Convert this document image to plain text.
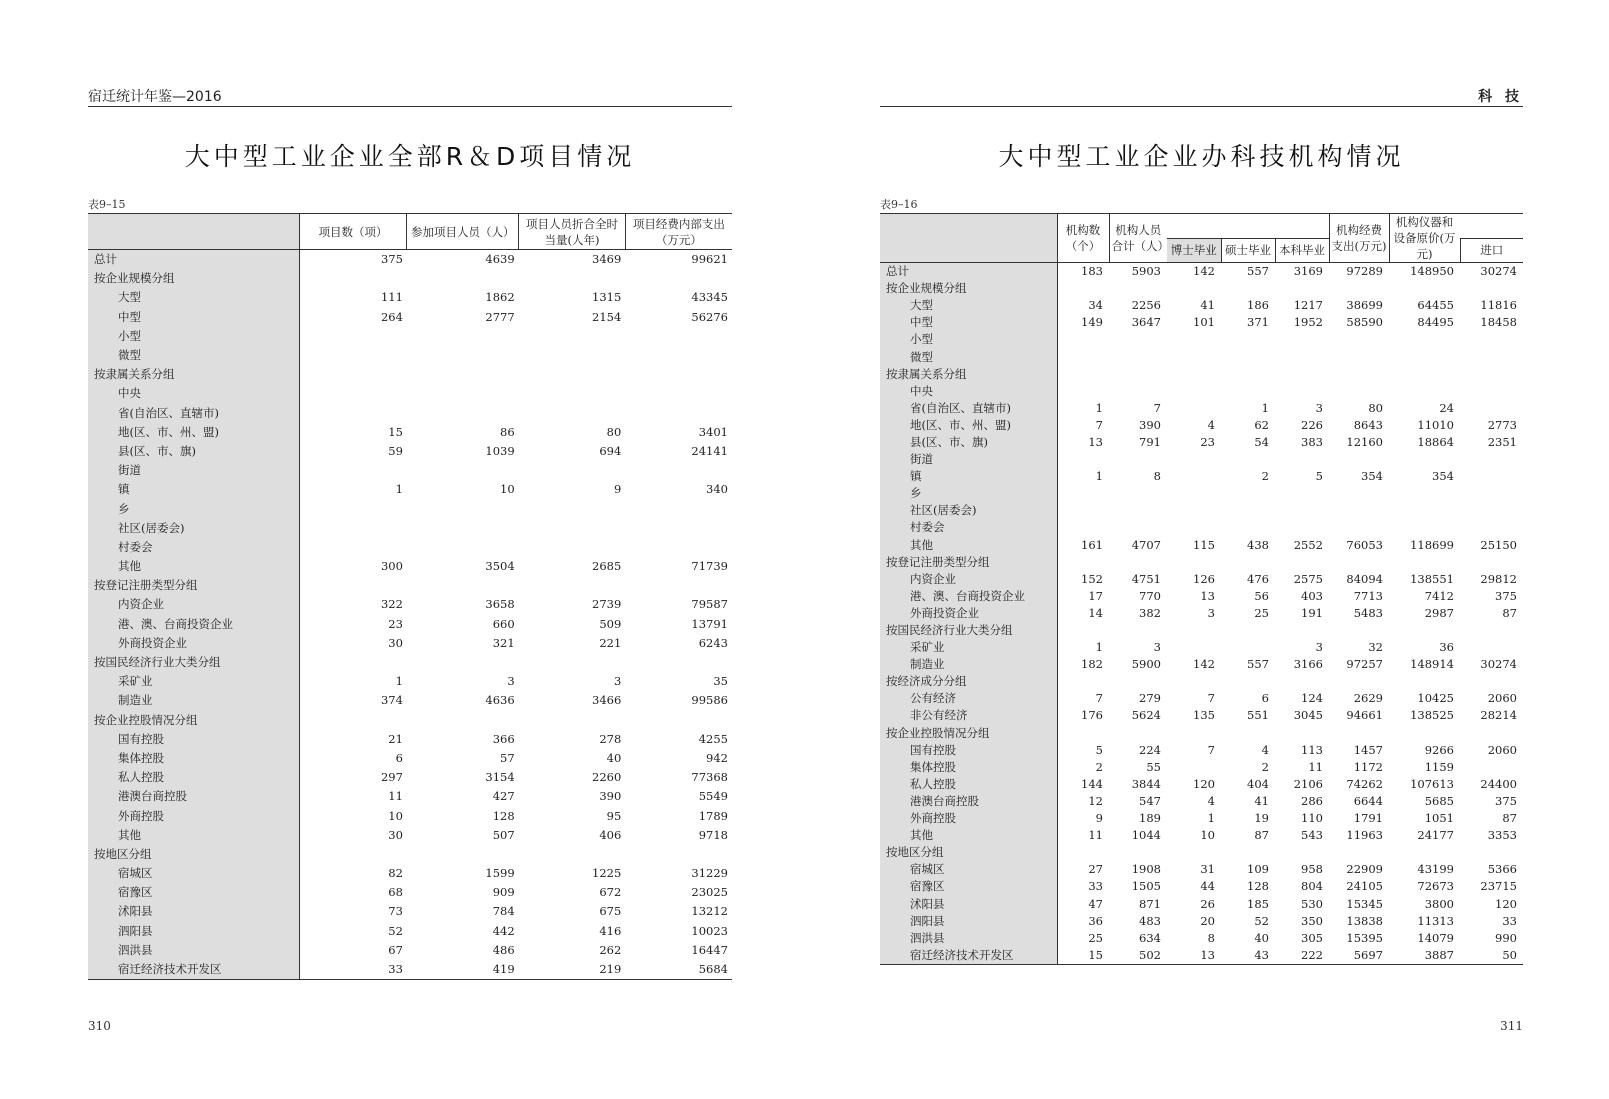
宿迁统计年鉴—2016
大中型工业企业全部R＆D项目情况
表9–15
	项目数（项）	参加项目人员（人）	项目人员折合全时当量(人年)	项目经费内部支出（万元）
总计	375	4639	3469	99621
按企业规模分组				
大型	111	1862	1315	43345
中型	264	2777	2154	56276
小型				
微型				
按隶属关系分组				
中央				
省(自治区、直辖市)				
地(区、市、州、盟)	15	86	80	3401
县(区、市、旗)	59	1039	694	24141
街道				
镇	1	10	9	340
乡				
社区(居委会)				
村委会				
其他	300	3504	2685	71739
按登记注册类型分组				
内资企业	322	3658	2739	79587
港、澳、台商投资企业	23	660	509	13791
外商投资企业	30	321	221	6243
按国民经济行业大类分组				
采矿业	1	3	3	35
制造业	374	4636	3466	99586
按企业控股情况分组				
国有控股	21	366	278	4255
集体控股	6	57	40	942
私人控股	297	3154	2260	77368
港澳台商控股	11	427	390	5549
外商控股	10	128	95	1789
其他	30	507	406	9718
按地区分组				
宿城区	82	1599	1225	31229
宿豫区	68	909	672	23025
沭阳县	73	784	675	13212
泗阳县	52	442	416	10023
泗洪县	67	486	262	16447
宿迁经济技术开发区	33	419	219	5684
310
科 技
大中型工业企业办科技机构情况
表9–16
	机构数（个）	机构人员合计（人）				机构经费支出(万元)	机构仪器和设备原价(万元)	
			博士毕业	硕士毕业	本科毕业			进口
总计	183	5903	142	557	3169	97289	148950	30274
按企业规模分组								
大型	34	2256	41	186	1217	38699	64455	11816
中型	149	3647	101	371	1952	58590	84495	18458
小型								
微型								
按隶属关系分组								
中央								
省(自治区、直辖市)	1	7		1	3	80	24	
地(区、市、州、盟)	7	390	4	62	226	8643	11010	2773
县(区、市、旗)	13	791	23	54	383	12160	18864	2351
街道								
镇	1	8		2	5	354	354	
乡								
社区(居委会)								
村委会								
其他	161	4707	115	438	2552	76053	118699	25150
按登记注册类型分组								
内资企业	152	4751	126	476	2575	84094	138551	29812
港、澳、台商投资企业	17	770	13	56	403	7713	7412	375
外商投资企业	14	382	3	25	191	5483	2987	87
按国民经济行业大类分组								
采矿业	1	3			3	32	36	
制造业	182	5900	142	557	3166	97257	148914	30274
按经济成分分组								
公有经济	7	279	7	6	124	2629	10425	2060
非公有经济	176	5624	135	551	3045	94661	138525	28214
按企业控股情况分组								
国有控股	5	224	7	4	113	1457	9266	2060
集体控股	2	55		2	11	1172	1159	
私人控股	144	3844	120	404	2106	74262	107613	24400
港澳台商控股	12	547	4	41	286	6644	5685	375
外商控股	9	189	1	19	110	1791	1051	87
其他	11	1044	10	87	543	11963	24177	3353
按地区分组								
宿城区	27	1908	31	109	958	22909	43199	5366
宿豫区	33	1505	44	128	804	24105	72673	23715
沭阳县	47	871	26	185	530	15345	3800	120
泗阳县	36	483	20	52	350	13838	11313	33
泗洪县	25	634	8	40	305	15395	14079	990
宿迁经济技术开发区	15	502	13	43	222	5697	3887	50
311
